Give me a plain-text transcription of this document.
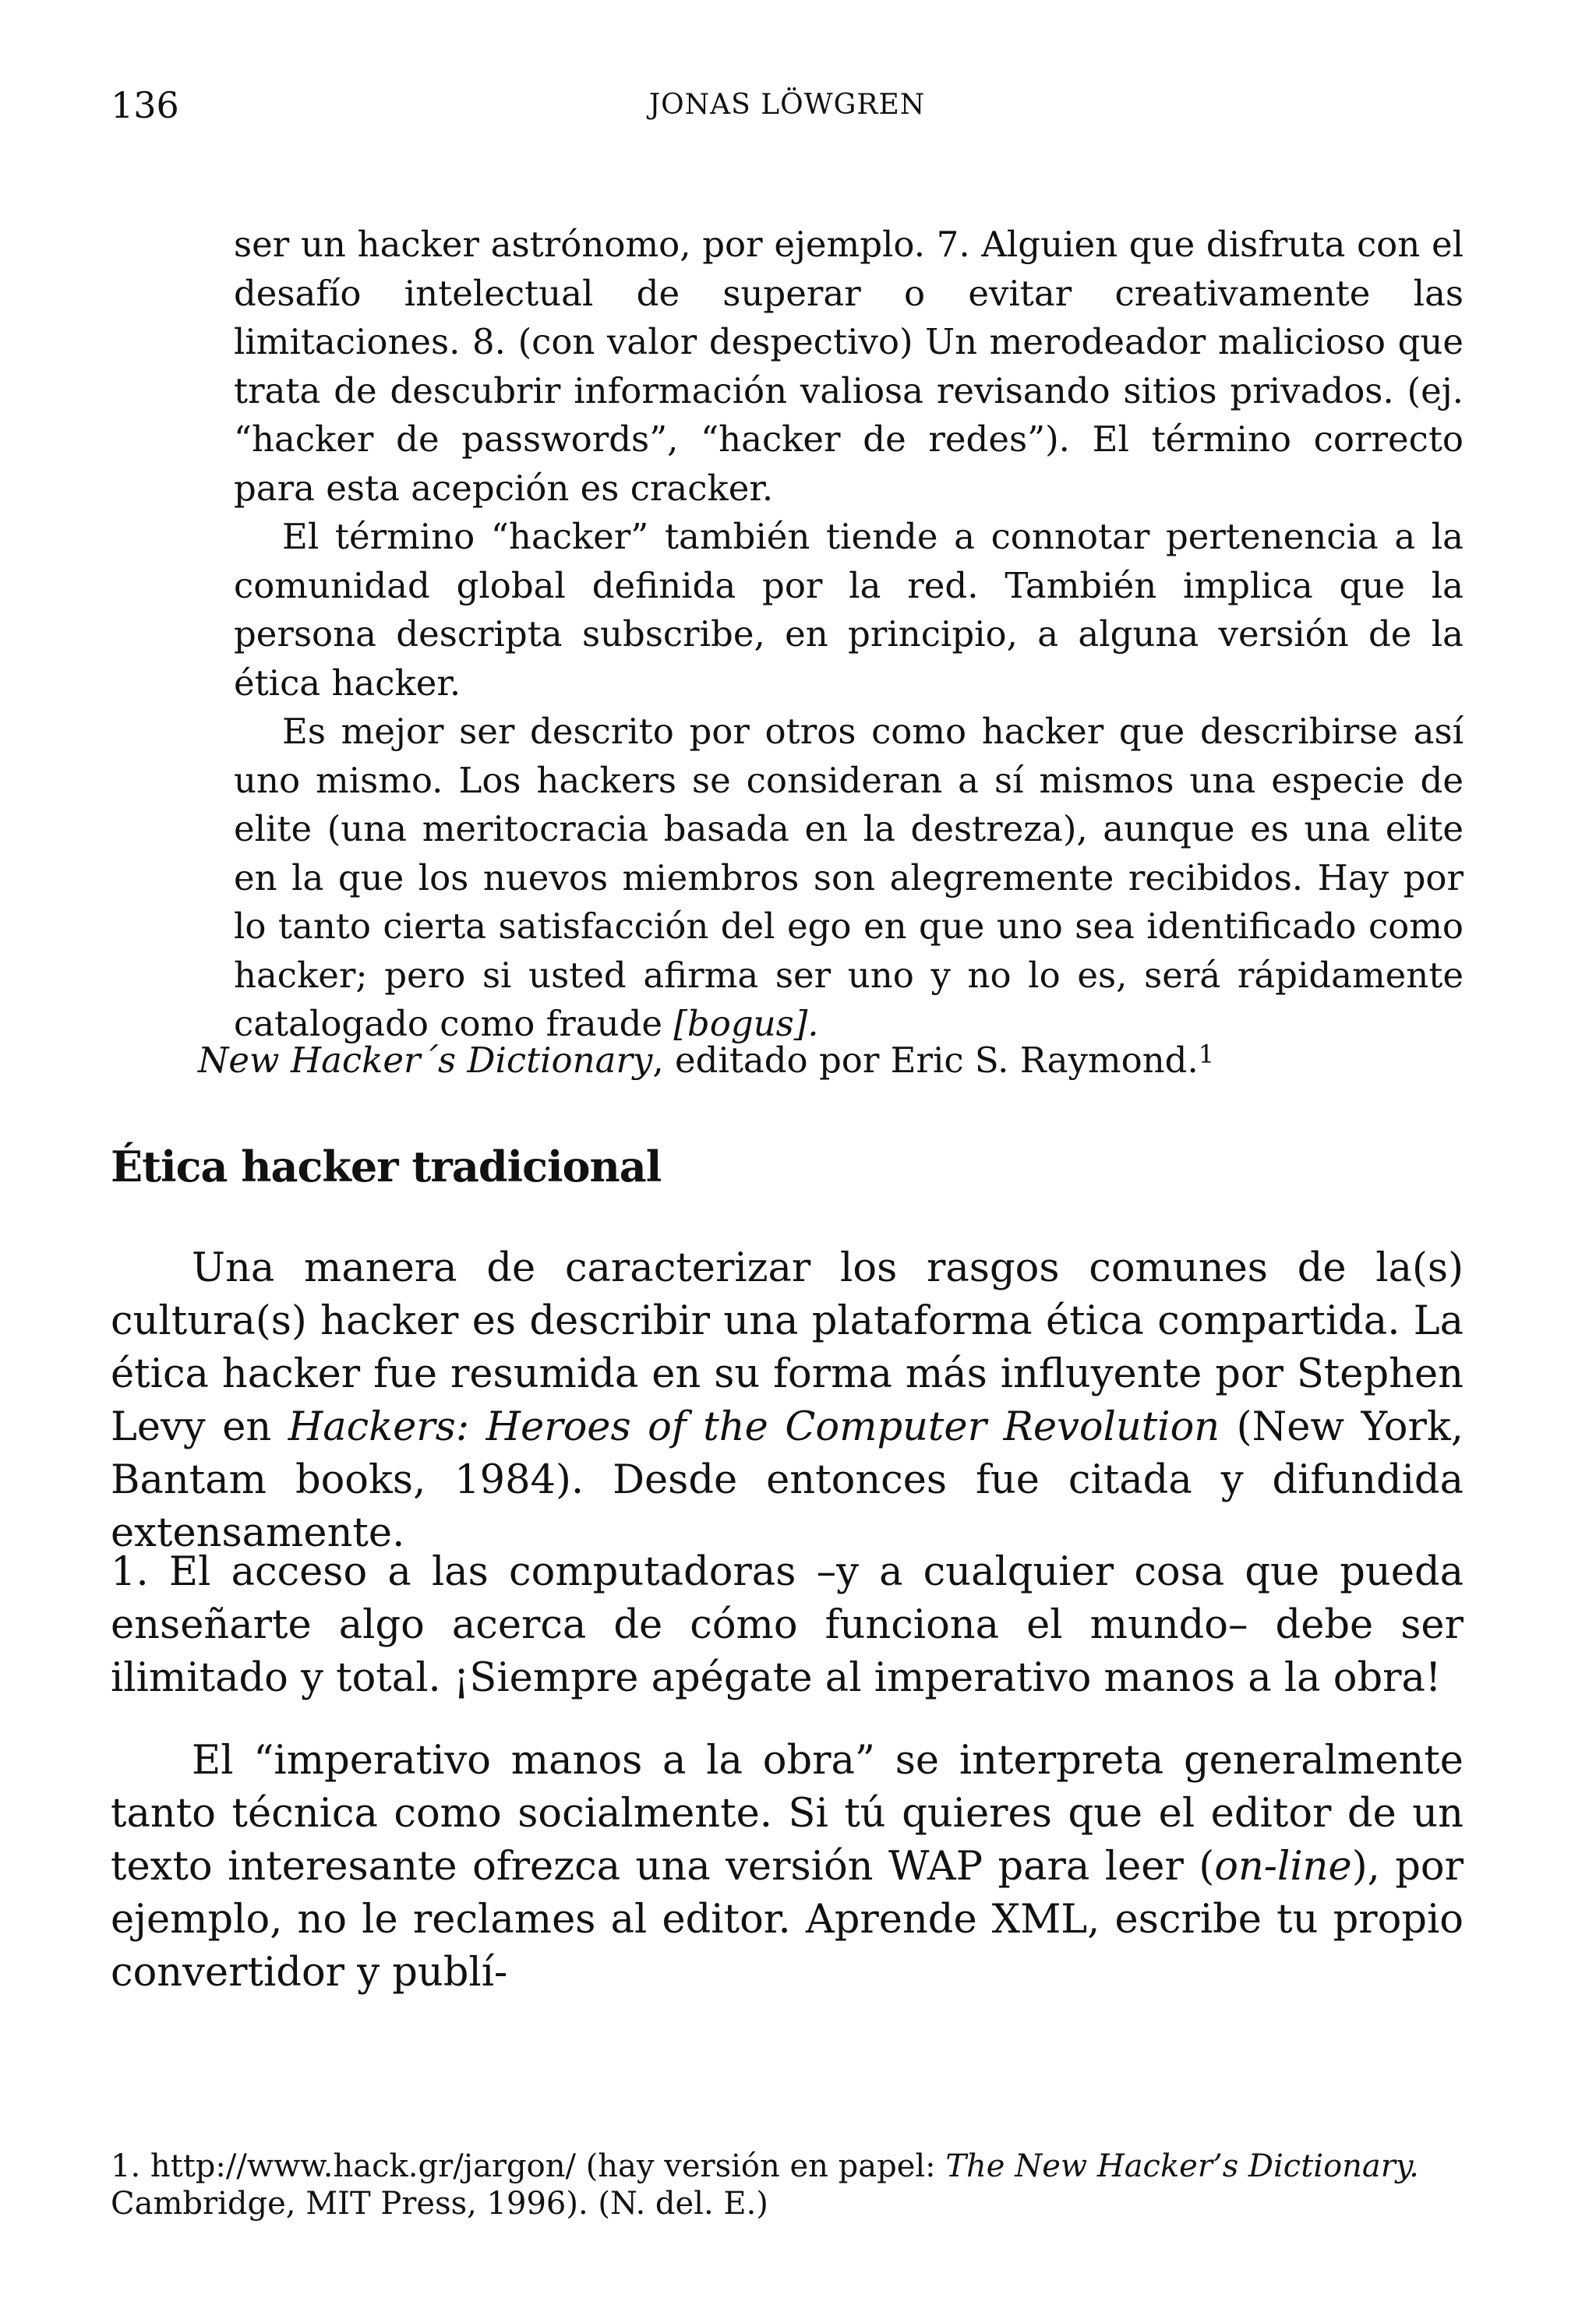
136	JONAS LÖWGREN

ser un hacker astrónomo, por ejemplo. 7. Alguien que disfruta con el desafío intelectual de superar o evitar creativamente las limitaciones. 8. (con valor despectivo) Un merodeador malicioso que trata de descubrir información valiosa revisando sitios privados. (ej. “hacker de passwords”, “hacker de redes”). El término correcto para esta acepción es cracker.

El término “hacker” también tiende a connotar pertenencia a la comunidad global definida por la red. También implica que la persona descripta subscribe, en principio, a alguna versión de la ética hacker.

Es mejor ser descrito por otros como hacker que describirse así uno mismo. Los hackers se consideran a sí mismos una especie de elite (una meritocracia basada en la destreza), aunque es una elite en la que los nuevos miembros son alegremente recibidos. Hay por lo tanto cierta satisfacción del ego en que uno sea identificado como hacker; pero si usted afirma ser uno y no lo es, será rápidamente catalogado como fraude [bogus].

New Hacker´s Dictionary, editado por Eric S. Raymond.$^1$
Ética hacker tradicional

Una manera de caracterizar los rasgos comunes de la(s) cultura(s) hacker es describir una plataforma ética compartida. La ética hacker fue resumida en su forma más influyente por Stephen Levy en Hackers: Heroes of the Computer Revolution (New York, Bantam books, 1984). Desde entonces fue citada y difundida extensamente.

1. El acceso a las computadoras –y a cualquier cosa que pueda enseñarte algo acerca de cómo funciona el mundo– debe ser ilimitado y total. ¡Siempre apégate al imperativo manos a la obra!

El “imperativo manos a la obra” se interpreta generalmente tanto técnica como socialmente. Si tú quieres que el editor de un texto interesante ofrezca una versión WAP para leer (on-line), por ejemplo, no le reclames al editor. Aprende XML, escribe tu propio convertidor y publí-

1. http://www.hack.gr/jargon/ (hay versión en papel: The New Hacker’s Dictionary. Cambridge, MIT Press, 1996). (N. del. E.)
